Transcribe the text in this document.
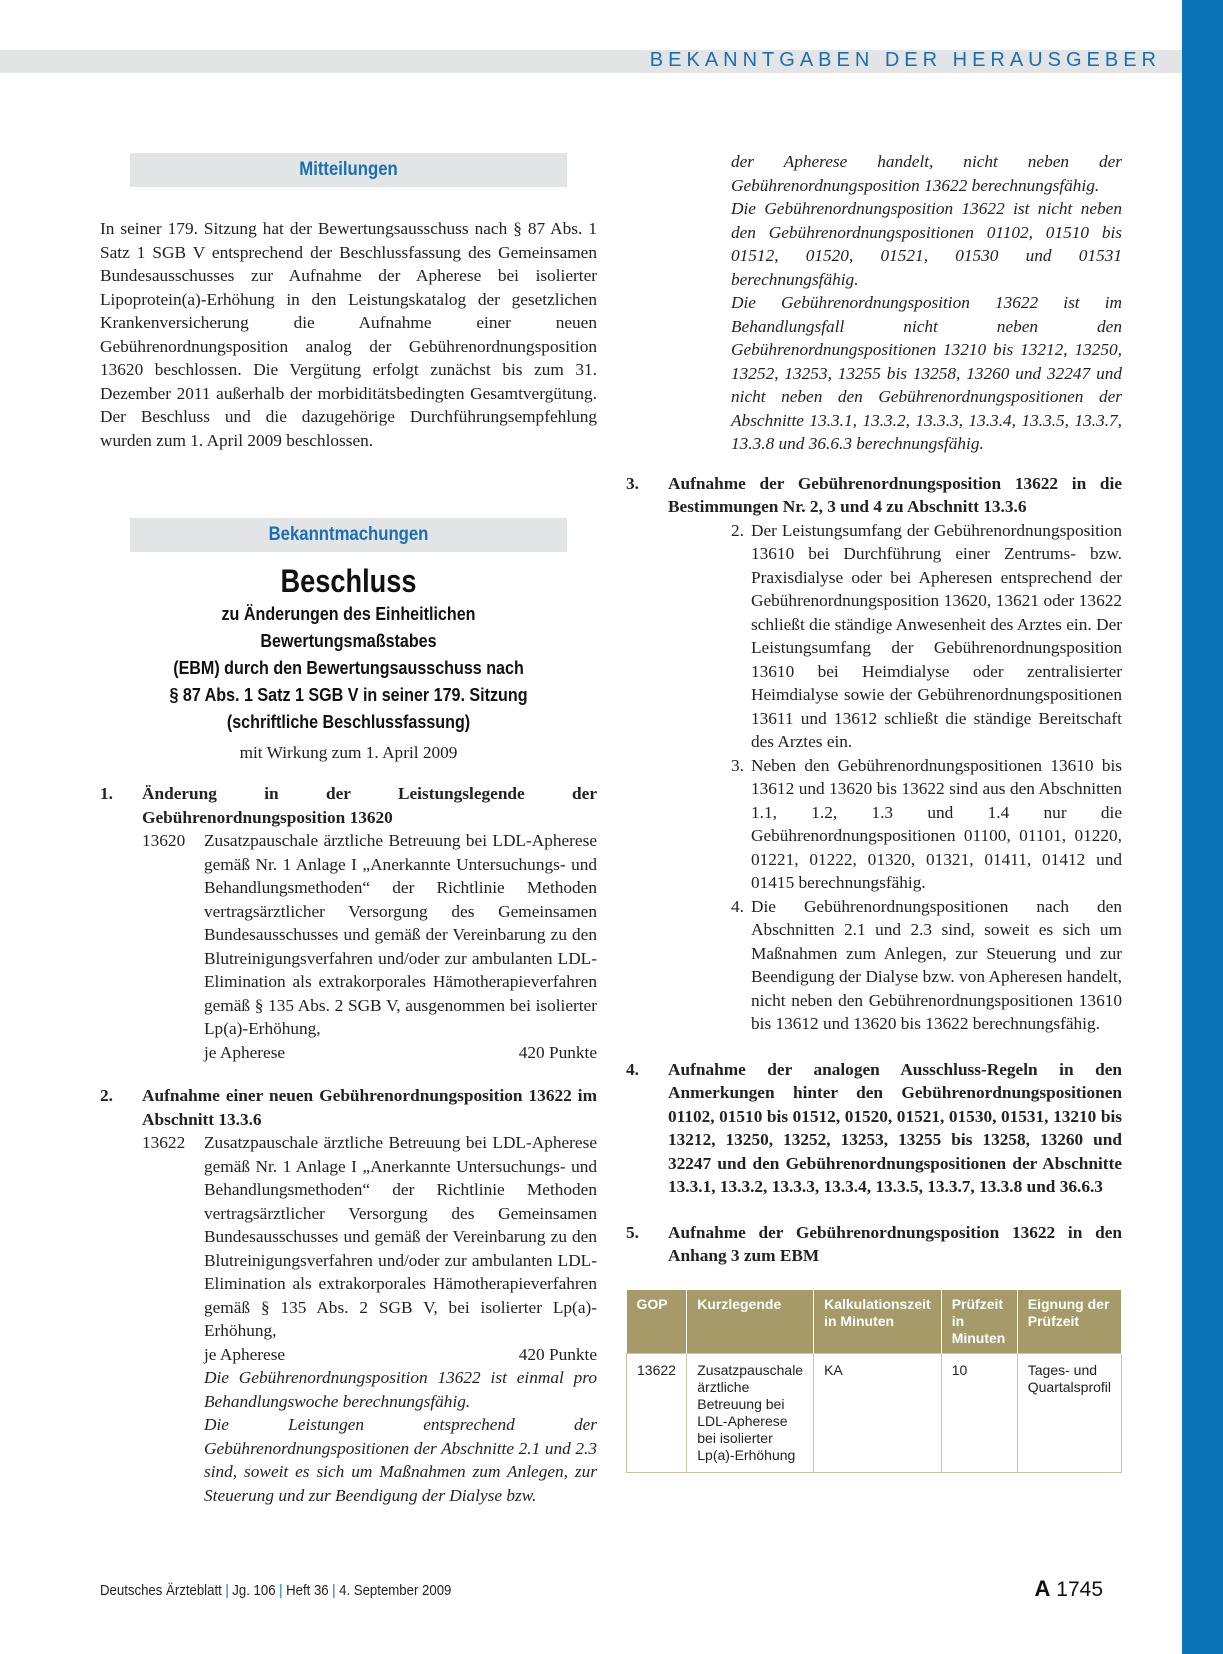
BEKANNTGABEN DER HERAUSGEBER
Mitteilungen

In seiner 179. Sitzung hat der Bewertungsausschuss nach § 87 Abs. 1 Satz 1 SGB V entsprechend der Beschlussfassung des Gemeinsamen Bundesausschusses zur Aufnahme der Apherese bei isolierter Lipoprotein(a)-Erhöhung in den Leistungskatalog der gesetzlichen Krankenversicherung die Aufnahme einer neuen Gebührenordnungsposition analog der Gebührenordnungsposition 13620 beschlossen. Die Vergütung erfolgt zunächst bis zum 31. Dezember 2011 außerhalb der morbiditätsbedingten Gesamtvergütung. Der Beschluss und die dazugehörige Durchführungsempfehlung wurden zum 1. April 2009 beschlossen.

Bekanntmachungen
Beschluss
zu Änderungen des Einheitlichen Bewertungsmaßstabes
(EBM) durch den Bewertungsausschuss nach
§ 87 Abs. 1 Satz 1 SGB V in seiner 179. Sitzung
(schriftliche Beschlussfassung)

mit Wirkung zum 1. April 2009

1.	Änderung in der Leistungslegende der Gebührenordnungsposition 13620

13620	Zusatzpauschale ärztliche Betreuung bei LDL-Apherese gemäß Nr. 1 Anlage I „Anerkannte Untersuchungs- und Behandlungsmethoden“ der Richtlinie Methoden vertragsärztlicher Versorgung des Gemeinsamen Bundesausschusses und gemäß der Vereinbarung zu den Blutreinigungsverfahren und/oder zur ambulanten LDL-Elimination als extrakorporales Hämotherapieverfahren gemäß § 135 Abs. 2 SGB V, ausgenommen bei isolierter Lp(a)-Erhöhung,

je Apherese	420 Punkte
2.	Aufnahme einer neuen Gebührenordnungsposition 13622 im Abschnitt 13.3.6

13622	Zusatzpauschale ärztliche Betreuung bei LDL-Apherese gemäß Nr. 1 Anlage I „Anerkannte Untersuchungs- und Behandlungsmethoden“ der Richtlinie Methoden vertragsärztlicher Versorgung des Gemeinsamen Bundesausschusses und gemäß der Vereinbarung zu den Blutreinigungsverfahren und/oder zur ambulanten LDL-Elimination als extrakorporales Hämotherapieverfahren gemäß § 135 Abs. 2 SGB V, bei isolierter Lp(a)-Erhöhung,

je Apherese	420 Punkte

Die Gebührenordnungsposition 13622 ist einmal pro Behandlungswoche berechnungsfähig.

Die Leistungen entsprechend der Gebührenordnungspositionen der Abschnitte 2.1 und 2.3 sind, soweit es sich um Maßnahmen zum Anlegen, zur Steuerung und zur Beendigung der Dialyse bzw.

der Apherese handelt, nicht neben der Gebührenordnungsposition 13622 berechnungsfähig.

Die Gebührenordnungsposition 13622 ist nicht neben den Gebührenordnungspositionen 01102, 01510 bis 01512, 01520, 01521, 01530 und 01531 berechnungsfähig.

Die Gebührenordnungsposition 13622 ist im Behandlungsfall nicht neben den Gebührenordnungspositionen 13210 bis 13212, 13250, 13252, 13253, 13255 bis 13258, 13260 und 32247 und nicht neben den Gebührenordnungspositionen der Abschnitte 13.3.1, 13.3.2, 13.3.3, 13.3.4, 13.3.5, 13.3.7, 13.3.8 und 36.6.3 berechnungsfähig.

3.	Aufnahme der Gebührenordnungsposition 13622 in die Bestimmungen Nr. 2, 3 und 4 zu Abschnitt 13.3.6

2. Der Leistungsumfang der Gebührenordnungsposition 13610 bei Durchführung einer Zentrums- bzw. Praxisdialyse oder bei Apheresen entsprechend der Gebührenordnungsposition 13620, 13621 oder 13622 schließt die ständige Anwesenheit des Arztes ein. Der Leistungsumfang der Gebührenordnungsposition 13610 bei Heimdialyse oder zentralisierter Heimdialyse sowie der Gebührenordnungspositionen 13611 und 13612 schließt die ständige Bereitschaft des Arztes ein.
3. Neben den Gebührenordnungspositionen 13610 bis 13612 und 13620 bis 13622 sind aus den Abschnitten 1.1, 1.2, 1.3 und 1.4 nur die Gebührenordnungspositionen 01100, 01101, 01220, 01221, 01222, 01320, 01321, 01411, 01412 und 01415 berechnungsfähig.
4. Die Gebührenordnungspositionen nach den Abschnitten 2.1 und 2.3 sind, soweit es sich um Maßnahmen zum Anlegen, zur Steuerung und zur Beendigung der Dialyse bzw. von Apheresen handelt, nicht neben den Gebührenordnungspositionen 13610 bis 13612 und 13620 bis 13622 berechnungsfähig.
4.	Aufnahme der analogen Ausschluss-Regeln in den Anmerkungen hinter den Gebührenordnungspositionen 01102, 01510 bis 01512, 01520, 01521, 01530, 01531, 13210 bis 13212, 13250, 13252, 13253, 13255 bis 13258, 13260 und 32247 und den Gebührenordnungspositionen der Abschnitte 13.3.1, 13.3.2, 13.3.3, 13.3.4, 13.3.5, 13.3.7, 13.3.8 und 36.6.3

5.	Aufnahme der Gebührenordnungsposition 13622 in den Anhang 3 zum EBM

GOP	Kurzlegende	Kalkulationszeit in Minuten	Prüfzeit in Minuten	Eignung der Prüfzeit
13622	Zusatzpauschale ärztliche Betreuung bei LDL-Apherese bei isolierter Lp(a)-Erhöhung	KA	10	Tages- und Quartalsprofil
Deutsches Ärzteblatt | Jg. 106 | Heft 36 | 4. September 2009	A 1745
